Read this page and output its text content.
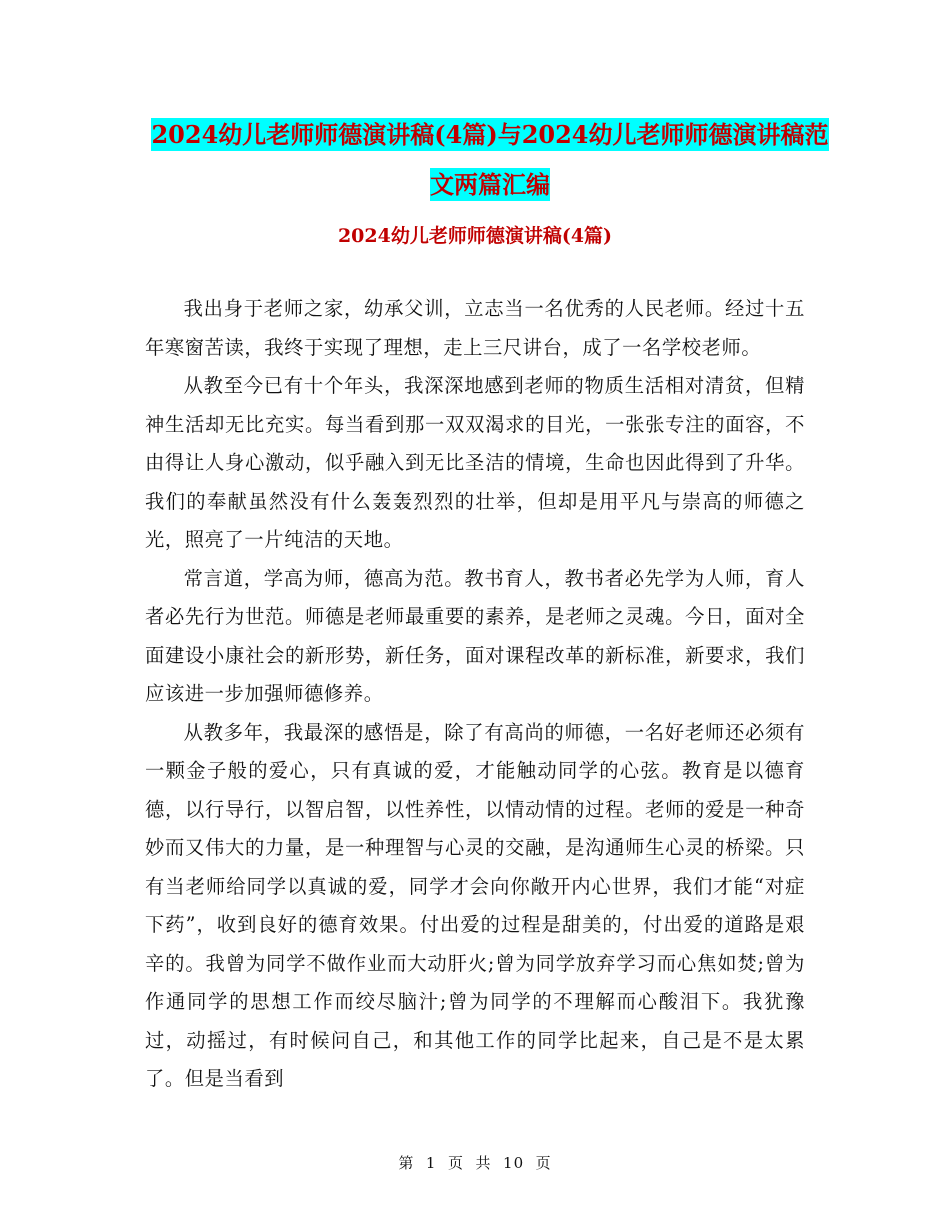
2024幼儿老师师德演讲稿(4篇)与2024幼儿老师师德演讲稿范文两篇汇编
2024幼儿老师师德演讲稿(4篇)

我出身于老师之家，幼承父训，立志当一名优秀的人民老师。经过十五年寒窗苦读，我终于实现了理想，走上三尺讲台，成了一名学校老师。

从教至今已有十个年头，我深深地感到老师的物质生活相对清贫，但精神生活却无比充实。每当看到那一双双渴求的目光，一张张专注的面容，不由得让人身心激动，似乎融入到无比圣洁的情境，生命也因此得到了升华。我们的奉献虽然没有什么轰轰烈烈的壮举，但却是用平凡与崇高的师德之光，照亮了一片纯洁的天地。

常言道，学高为师，德高为范。教书育人，教书者必先学为人师，育人者必先行为世范。师德是老师最重要的素养，是老师之灵魂。今日，面对全面建设小康社会的新形势，新任务，面对课程改革的新标准，新要求，我们应该进一步加强师德修养。

从教多年，我最深的感悟是，除了有高尚的师德，一名好老师还必须有一颗金子般的爱心，只有真诚的爱，才能触动同学的心弦。教育是以德育德，以行导行，以智启智，以性养性，以情动情的过程。老师的爱是一种奇妙而又伟大的力量，是一种理智与心灵的交融，是沟通师生心灵的桥梁。只有当老师给同学以真诚的爱，同学才会向你敞开内心世界，我们才能“对症下药”，收到良好的德育效果。付出爱的过程是甜美的，付出爱的道路是艰辛的。我曾为同学不做作业而大动肝火;曾为同学放弃学习而心焦如焚;曾为作通同学的思想工作而绞尽脑汁;曾为同学的不理解而心酸泪下。我犹豫过，动摇过，有时候问自己，和其他工作的同学比起来，自己是不是太累了。但是当看到

第  1  页  共  10  页
